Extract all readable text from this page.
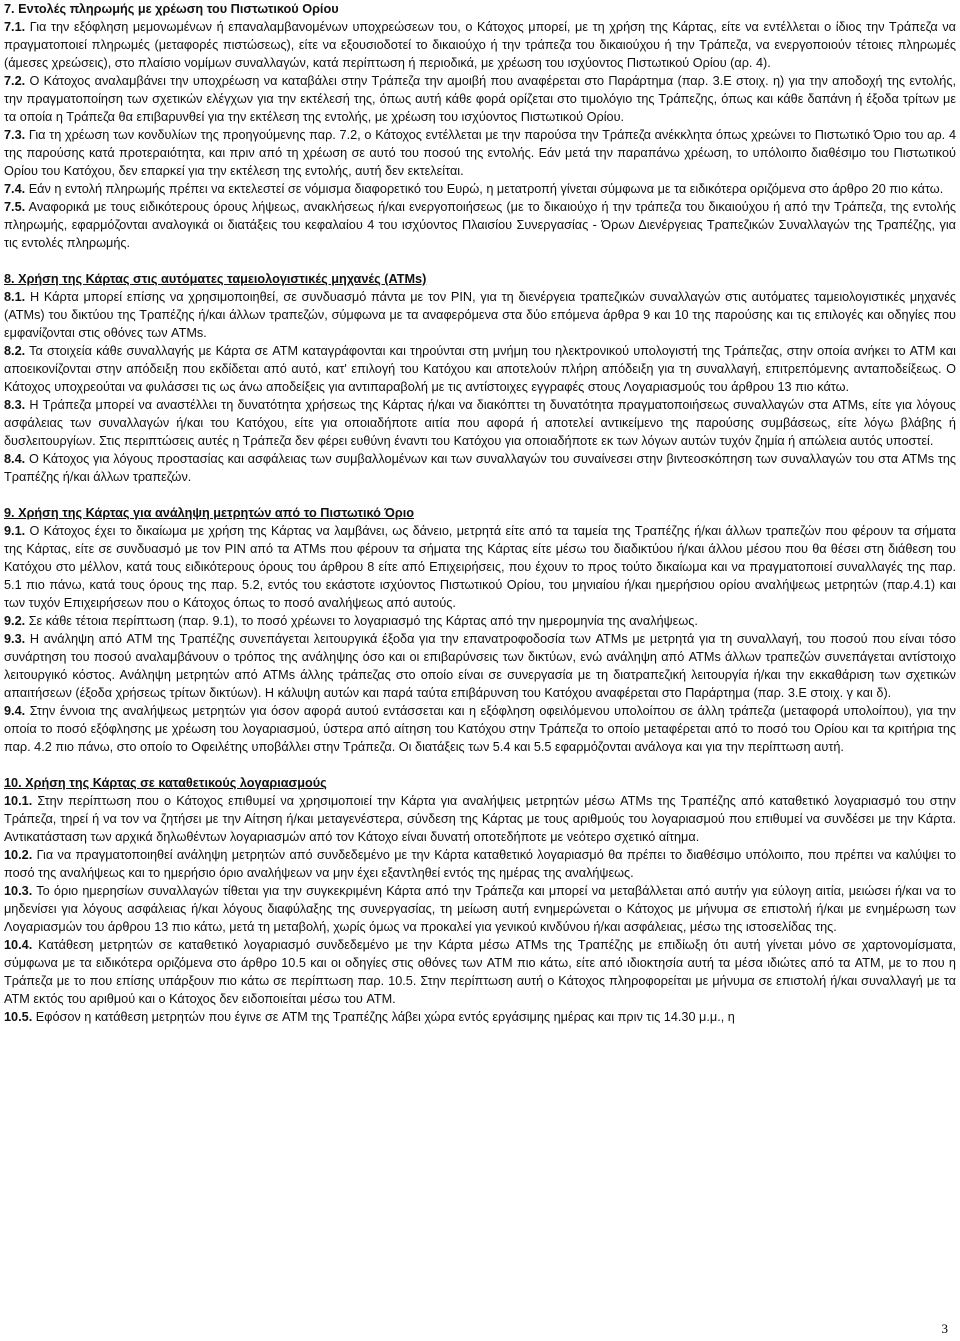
7. Εντολές πληρωμής με χρέωση του Πιστωτικού Ορίου
7.1. Για την εξόφληση μεμονωμένων ή επαναλαμβανομένων υποχρεώσεων του, ο Κάτοχος μπορεί, με τη χρήση της Κάρτας, είτε να εντέλλεται ο ίδιος την Τράπεζα να πραγματοποιεί πληρωμές (μεταφορές πιστώσεως), είτε να εξουσιοδοτεί το δικαιούχο ή την τράπεζα του δικαιούχου ή την Τράπεζα, να ενεργοποιούν τέτοιες πληρωμές (άμεσες χρεώσεις), στο πλαίσιο νομίμων συναλλαγών, κατά περίπτωση ή περιοδικά, με χρέωση του ισχύοντος Πιστωτικού Ορίου (αρ. 4).
7.2. Ο Κάτοχος αναλαμβάνει την υποχρέωση να καταβάλει στην Τράπεζα την αμοιβή που αναφέρεται στο Παράρτημα (παρ. 3.Ε στοιχ. η) για την αποδοχή της εντολής, την πραγματοποίηση των σχετικών ελέγχων για την εκτέλεσή της, όπως αυτή κάθε φορά ορίζεται στο τιμολόγιο της Τράπεζης, όπως και κάθε δαπάνη ή έξοδα τρίτων με τα οποία η Τράπεζα θα επιβαρυνθεί για την εκτέλεση της εντολής, με χρέωση του ισχύοντος Πιστωτικού Ορίου.
7.3. Για τη χρέωση των κονδυλίων της προηγούμενης παρ. 7.2, ο Κάτοχος εντέλλεται με την παρούσα την Τράπεζα ανέκκλητα όπως χρεώνει το Πιστωτικό Όριο του αρ. 4 της παρούσης κατά προτεραιότητα, και πριν από τη χρέωση σε αυτό του ποσού της εντολής. Εάν μετά την παραπάνω χρέωση, το υπόλοιπο διαθέσιμο του Πιστωτικού Ορίου του Κατόχου, δεν επαρκεί για την εκτέλεση της εντολής, αυτή δεν εκτελείται.
7.4. Εάν η εντολή πληρωμής πρέπει να εκτελεστεί σε νόμισμα διαφορετικό του Ευρώ, η μετατροπή γίνεται σύμφωνα με τα ειδικότερα οριζόμενα στο άρθρο 20 πιο κάτω.
7.5. Αναφορικά με τους ειδικότερους όρους λήψεως, ανακλήσεως ή/και ενεργοποιήσεως (με το δικαιούχο ή την τράπεζα του δικαιούχου ή από την Τράπεζα, της εντολής πληρωμής, εφαρμόζονται αναλογικά οι διατάξεις του κεφαλαίου 4 του ισχύοντος Πλαισίου Συνεργασίας - Όρων Διενέργειας Τραπεζικών Συναλλαγών της Τραπέζης, για τις εντολές πληρωμής.
8. Χρήση της Κάρτας στις αυτόματες ταμειολογιστικές μηχανές (ATMs)
8.1. Η Κάρτα μπορεί επίσης να χρησιμοποιηθεί, σε συνδυασμό πάντα με τον PIN, για τη διενέργεια τραπεζικών συναλλαγών στις αυτόματες ταμειολογιστικές μηχανές (ATMs) του δικτύου της Τραπέζης ή/και άλλων τραπεζών, σύμφωνα με τα αναφερόμενα στα δύο επόμενα άρθρα 9 και 10 της παρούσης και τις επιλογές και οδηγίες που εμφανίζονται στις οθόνες των ATMs.
8.2. Τα στοιχεία κάθε συναλλαγής με Κάρτα σε ATM καταγράφονται και τηρούνται στη μνήμη του ηλεκτρονικού υπολογιστή της Τράπεζας, στην οποία ανήκει το ATM και αποεικονίζονται στην απόδειξη που εκδίδεται από αυτό, κατ' επιλογή του Κατόχου και αποτελούν πλήρη απόδειξη για τη συναλλαγή, επιτρεπόμενης ανταποδείξεως. Ο Κάτοχος υποχρεούται να φυλάσσει τις ως άνω αποδείξεις για αντιπαραβολή με τις αντίστοιχες εγγραφές στους Λογαριασμούς του άρθρου 13 πιο κάτω.
8.3. Η Τράπεζα μπορεί να αναστέλλει τη δυνατότητα χρήσεως της Κάρτας ή/και να διακόπτει τη δυνατότητα πραγματοποιήσεως συναλλαγών στα ATMs, είτε για λόγους ασφάλειας των συναλλαγών ή/και του Κατόχου, είτε για οποιαδήποτε αιτία που αφορά ή αποτελεί αντικείμενο της παρούσης συμβάσεως, είτε λόγω βλάβης ή δυσλειτουργίων. Στις περιπτώσεις αυτές η Τράπεζα δεν φέρει ευθύνη έναντι του Κατόχου για οποιαδήποτε εκ των λόγων αυτών τυχόν ζημία ή απώλεια αυτός υποστεί.
8.4. Ο Κάτοχος για λόγους προστασίας και ασφάλειας των συμβαλλομένων και των συναλλαγών του συναίνεσει στην βιντεοσκόπηση των συναλλαγών του στα ATMs της Τραπέζης ή/και άλλων τραπεζών.
9. Χρήση της Κάρτας για ανάληψη μετρητών από το Πιστωτικό Όριο
9.1. Ο Κάτοχος έχει το δικαίωμα με χρήση της Κάρτας να λαμβάνει, ως δάνειο, μετρητά είτε από τα ταμεία της Τραπέζης ή/και άλλων τραπεζών που φέρουν τα σήματα της Κάρτας, είτε σε συνδυασμό με τον PIN από τα ATMs που φέρουν τα σήματα της Κάρτας είτε μέσω του διαδικτύου ή/και άλλου μέσου που θα θέσει στη διάθεση του Κατόχου στο μέλλον, κατά τους ειδικότερους όρους του άρθρου 8 είτε από Επιχειρήσεις, που έχουν το προς τούτο δικαίωμα και να πραγματοποιεί συναλλαγές της παρ. 5.1 πιο πάνω, κατά τους όρους της παρ. 5.2, εντός του εκάστοτε ισχύοντος Πιστωτικού Ορίου, του μηνιαίου ή/και ημερήσιου ορίου αναλήψεως μετρητών (παρ.4.1) και των τυχόν Επιχειρήσεων που ο Κάτοχος όπως το ποσό αναλήψεως από αυτούς.
9.2. Σε κάθε τέτοια περίπτωση (παρ. 9.1), το ποσό χρέωνει το λογαριασμό της Κάρτας από την ημερομηνία της αναλήψεως.
9.3. Η ανάληψη από ATM της Τραπέζης συνεπάγεται λειτουργικά έξοδα για την επανατροφοδοσία των ATMs με μετρητά για τη συναλλαγή, του ποσού που είναι τόσο συνάρτηση του ποσού αναλαμβάνουν ο τρόπος της ανάληψης όσο και οι επιβαρύνσεις των δικτύων, ενώ ανάληψη από ATMs άλλων τραπεζών συνεπάγεται αντίστοιχο λειτουργικό κόστος. Ανάληψη μετρητών από ATMs άλλης τράπεζας στο οποίο είναι σε συνεργασία με τη διατραπεζική λειτουργία ή/και την εκκαθάριση των σχετικών απαιτήσεων (έξοδα χρήσεως τρίτων δικτύων). Η κάλυψη αυτών και παρά ταύτα επιβάρυνση του Κατόχου αναφέρεται στο Παράρτημα (παρ. 3.Ε στοιχ. γ και δ).
9.4. Στην έννοια της αναλήψεως μετρητών για όσον αφορά αυτού εντάσσεται και η εξόφληση οφειλόμενου υπολοίπου σε άλλη τράπεζα (μεταφορά υπολοίπου), για την οποία το ποσό εξόφλησης με χρέωση του λογαριασμού, ύστερα από αίτηση του Κατόχου στην Τράπεζα το οποίο μεταφέρεται από το ποσό του Ορίου και τα κριτήρια της παρ. 4.2 πιο πάνω, στο οποίο το Οφειλέτης υποβάλλει στην Τράπεζα. Οι διατάξεις των 5.4 και 5.5 εφαρμόζονται ανάλογα και για την περίπτωση αυτή.
10. Χρήση της Κάρτας σε καταθετικούς λογαριασμούς
10.1. Στην περίπτωση που ο Κάτοχος επιθυμεί να χρησιμοποιεί την Κάρτα για αναλήψεις μετρητών μέσω ATMs της Τραπέζης από καταθετικό λογαριασμό του στην Τράπεζα, τηρεί ή να τον να ζητήσει με την Αίτηση ή/και μεταγενέστερα, σύνδεση της Κάρτας με τους αριθμούς του λογαριασμού που επιθυμεί να συνδέσει με την Κάρτα. Αντικατάσταση των αρχικά δηλωθέντων λογαριασμών από τον Κάτοχο είναι δυνατή οποτεδήποτε με νεότερο σχετικό αίτημα.
10.2. Για να πραγματοποιηθεί ανάληψη μετρητών από συνδεδεμένο με την Κάρτα καταθετικό λογαριασμό θα πρέπει το διαθέσιμο υπόλοιπο, που πρέπει να καλύψει το ποσό της αναλήψεως και το ημερήσιο όριο αναλήψεων να μην έχει εξαντληθεί εντός της ημέρας της αναλήψεως.
10.3. Το όριο ημερησίων συναλλαγών τίθεται για την συγκεκριμένη Κάρτα από την Τράπεζα και μπορεί να μεταβάλλεται από αυτήν για εύλογη αιτία, μειώσει ή/και να το μηδενίσει για λόγους ασφάλειας ή/και λόγους διαφύλαξης της συνεργασίας, τη μείωση αυτή ενημερώνεται ο Κάτοχος με μήνυμα σε επιστολή ή/και με ενημέρωση των Λογαριασμών του άρθρου 13 πιο κάτω, μετά τη μεταβολή, χωρίς όμως να προκαλεί για γενικού κινδύνου ή/και ασφάλειας, μέσω της ιστοσελίδας της.
10.4. Κατάθεση μετρητών σε καταθετικό λογαριασμό συνδεδεμένο με την Κάρτα μέσω ATMs της Τραπέζης με επιδίωξη ότι αυτή γίνεται μόνο σε χαρτονομίσματα, σύμφωνα με τα ειδικότερα οριζόμενα στο άρθρο 10.5 και οι οδηγίες στις οθόνες των ATM πιο κάτω, είτε από ιδιοκτησία αυτή τα μέσα ιδιώτες από τα ATM, με το που η Τράπεζα με το που επίσης υπάρξουν πιο κάτω σε περίπτωση παρ. 10.5. Στην περίπτωση αυτή ο Κάτοχος πληροφορείται με μήνυμα σε επιστολή ή/και συναλλαγή με τα ATM εκτός του αριθμού και ο Κάτοχος δεν ειδοποιείται μέσω του ATM.
10.5. Εφόσον η κατάθεση μετρητών που έγινε σε ATM της Τραπέζης λάβει χώρα εντός εργάσιμης ημέρας και πριν τις 14.30 μ.μ., η
3
